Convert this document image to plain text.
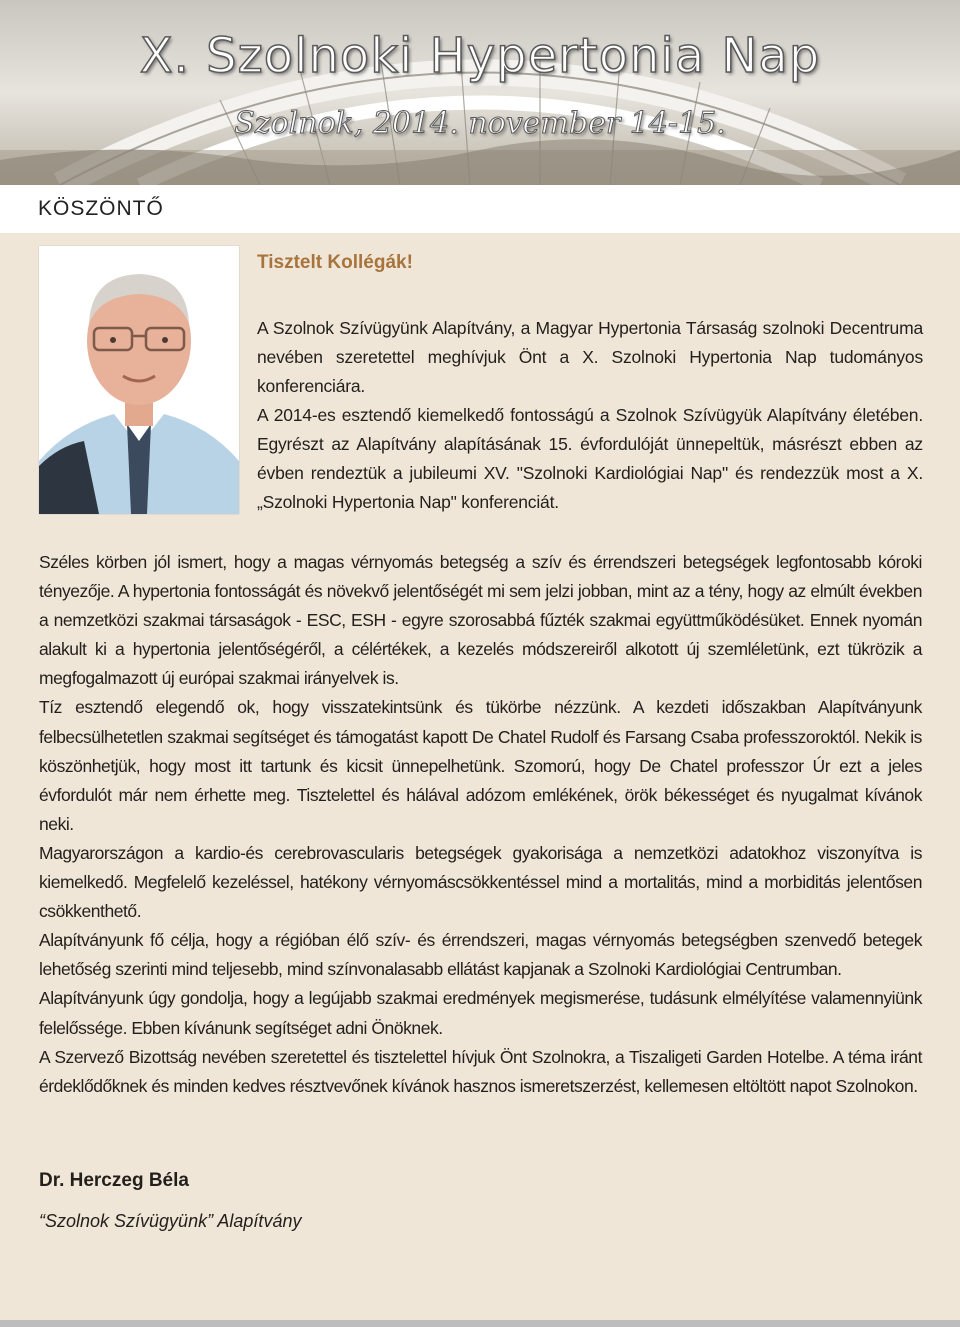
X. Szolnoki Hypertonia Nap
Szolnok, 2014. november 14-15.
KÖSZÖNTŐ
Tisztelt Kollégák!

A Szolnok Szívügyünk Alapítvány, a Magyar Hypertonia Társaság szolnoki Decentruma nevében szeretettel meghívjuk Önt a X. Szolnoki Hypertonia Nap tudományos konferenciára.

A 2014-es esztendő kiemelkedő fontosságú a Szolnok Szívügyük Alapítvány életében. Egyrészt az Alapítvány alapításának 15. évfordulóját ünnepeltük, másrészt ebben az évben rendeztük a jubileumi XV. "Szolnoki Kardiológiai Nap" és rendezzük most a X. „Szolnoki Hypertonia Nap" konferenciát.

Széles körben jól ismert, hogy a magas vérnyomás betegség a szív és érrendszeri betegségek legfontosabb kóroki tényezője. A hypertonia fontosságát és növekvő jelentőségét mi sem jelzi jobban, mint az a tény, hogy az elmúlt években a nemzetközi szakmai társaságok - ESC, ESH - egyre szorosabbá fűzték szakmai együttműködésüket. Ennek nyomán alakult ki a hypertonia jelentőségéről, a célértékek, a kezelés módszereiről alkotott új szemléletünk, ezt tükrözik a megfogalmazott új európai szakmai irányelvek is.

Tíz esztendő elegendő ok, hogy visszatekintsünk és tükörbe nézzünk. A kezdeti időszakban Alapítványunk felbecsülhetetlen szakmai segítséget és támogatást kapott De Chatel Rudolf és Farsang Csaba professzoroktól. Nekik is köszönhetjük, hogy most itt tartunk és kicsit ünnepelhetünk. Szomorú, hogy De Chatel professzor Úr ezt a jeles évfordulót már nem érhette meg. Tisztelettel és hálával adózom emlékének, örök békességet és nyugalmat kívánok neki.

Magyarországon a kardio-és cerebrovascularis betegségek gyakorisága a nemzetközi adatokhoz viszonyítva is kiemelkedő. Megfelelő kezeléssel, hatékony vérnyomáscsökkentéssel mind a mortalitás, mind a morbiditás jelentősen csökkenthető.

Alapítványunk fő célja, hogy a régióban élő szív- és érrendszeri, magas vérnyomás betegségben szenvedő betegek lehetőség szerinti mind teljesebb, mind színvonalasabb ellátást kapjanak a Szolnoki Kardiológiai Centrumban.

Alapítványunk úgy gondolja, hogy a legújabb szakmai eredmények megismerése, tudásunk elmélyítése valamennyiünk felelőssége. Ebben kívánunk segítséget adni Önöknek.

A Szervező Bizottság nevében szeretettel és tisztelettel hívjuk Önt Szolnokra, a Tiszaligeti Garden Hotelbe. A téma iránt érdeklődőknek és minden kedves résztvevőnek kívánok hasznos ismeretszerzést, kellemesen eltöltött napot Szolnokon.

Dr. Herczeg Béla
“Szolnok Szívügyünk” Alapítvány
